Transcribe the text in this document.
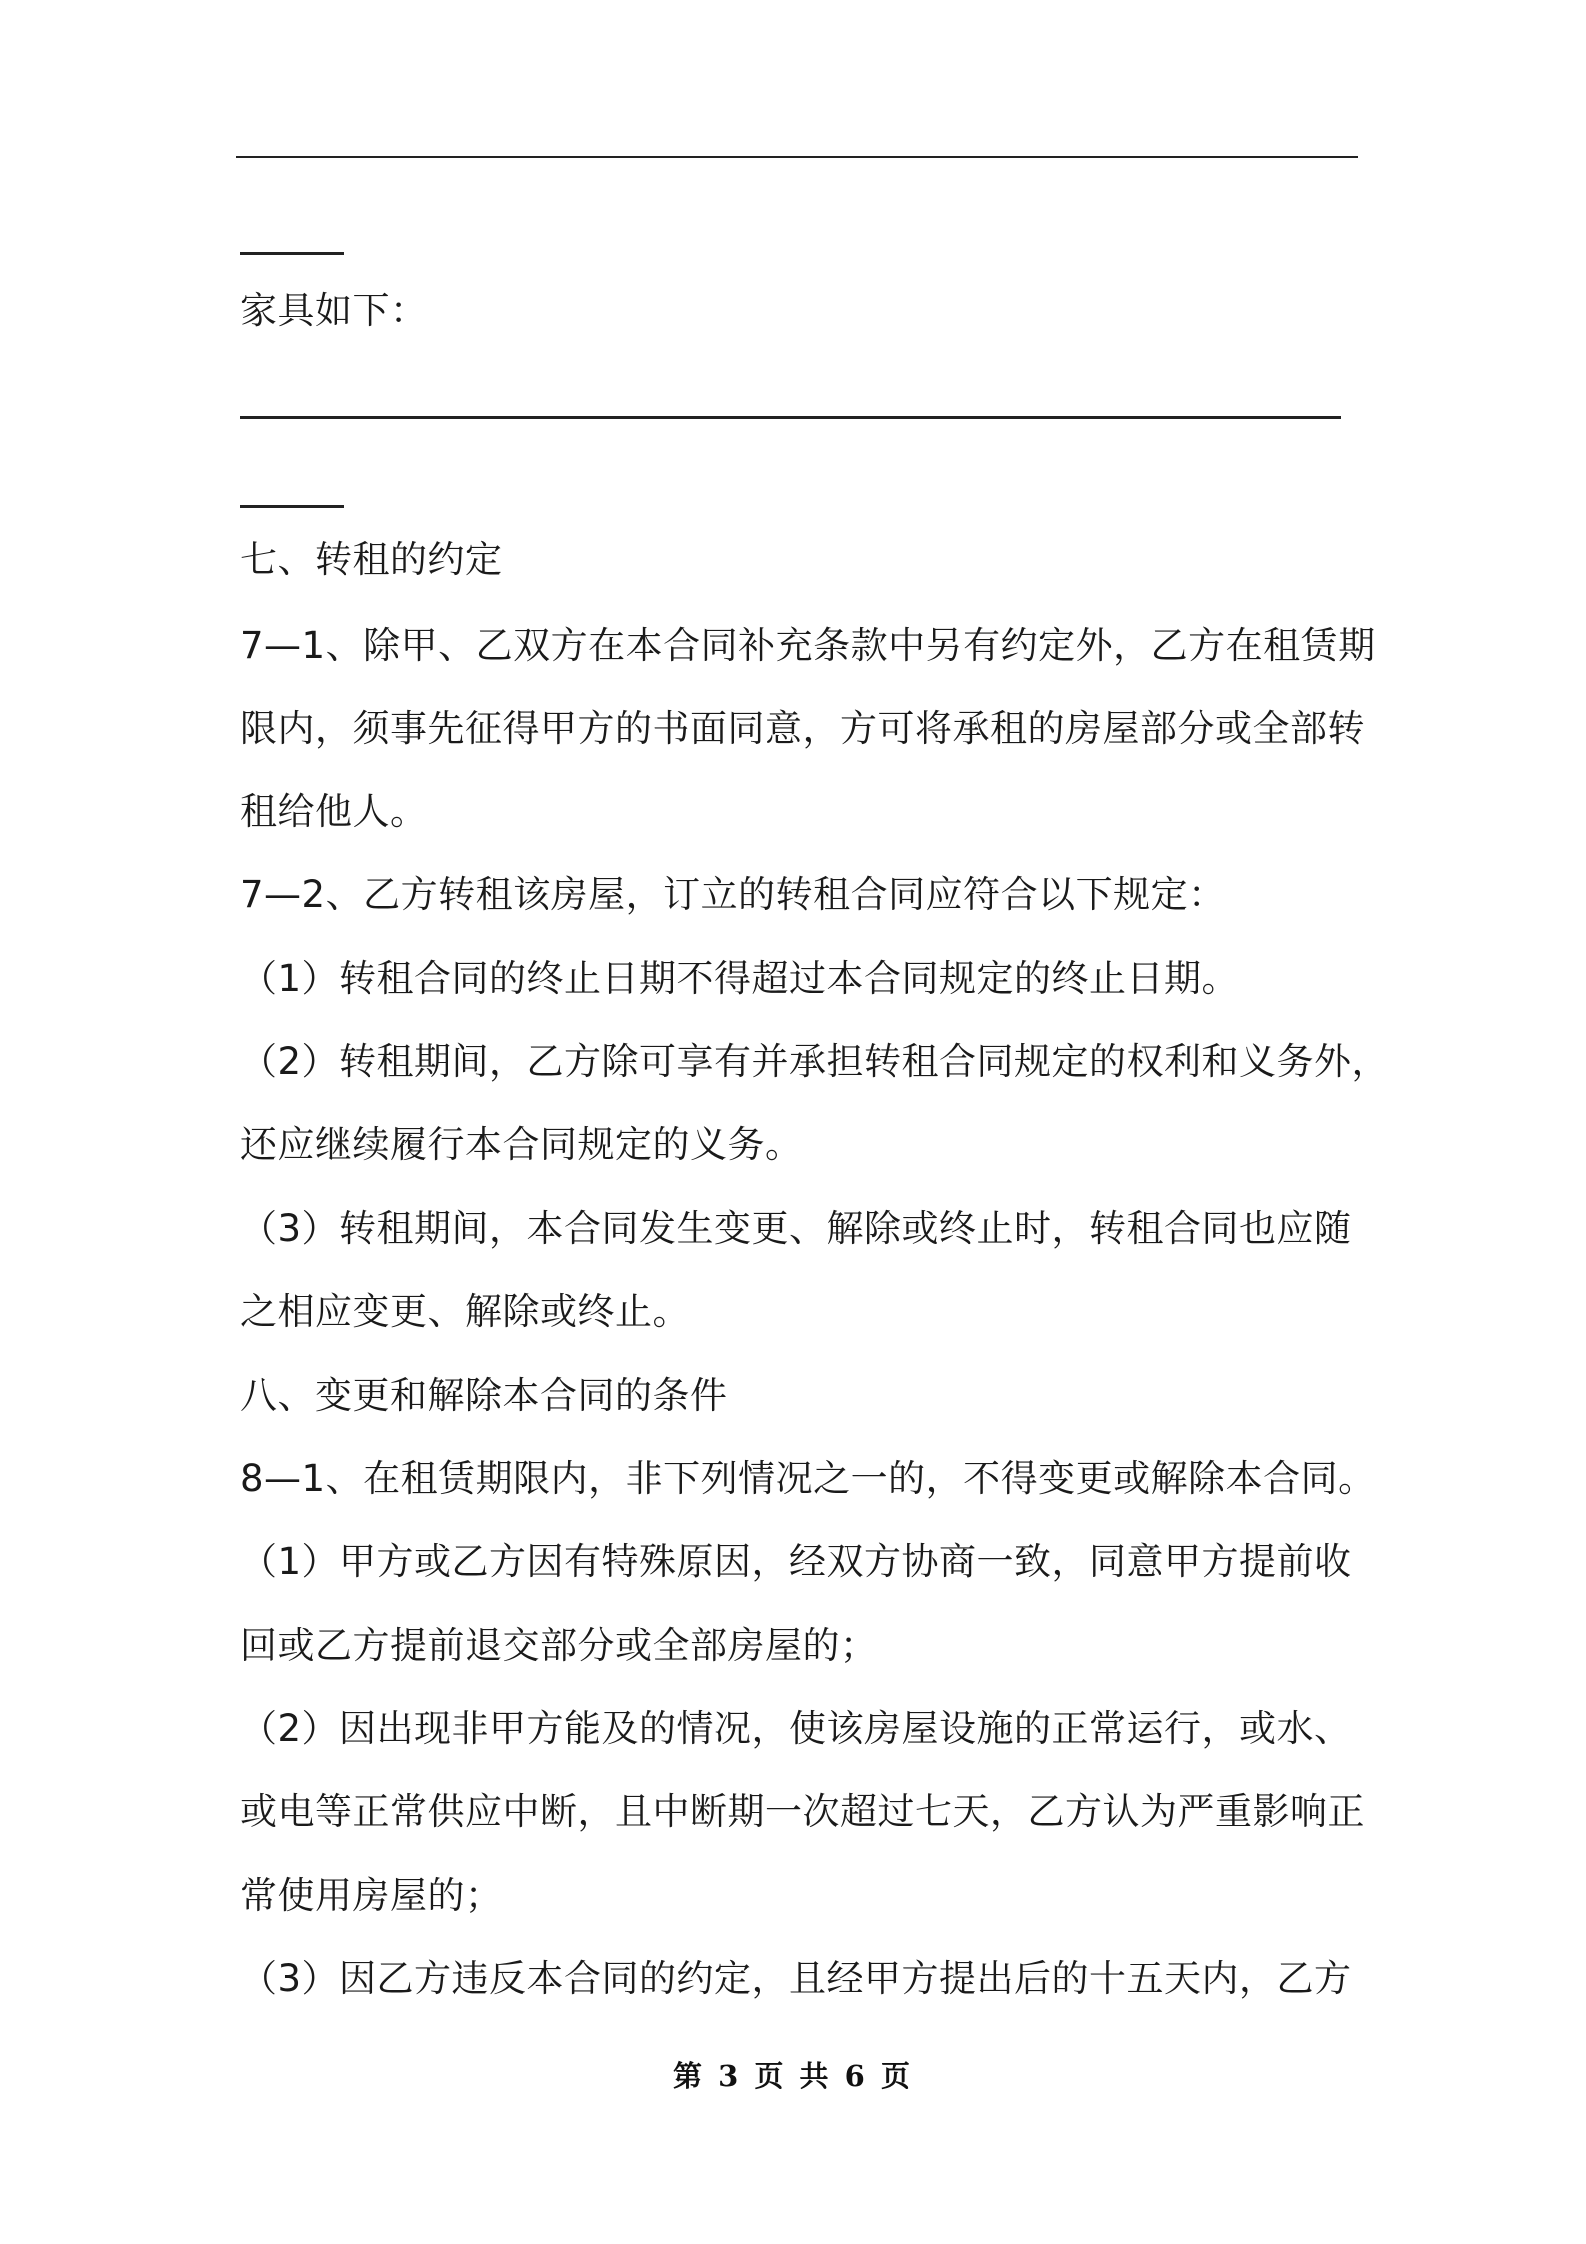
家具如下：
七、转租的约定
7—1、除甲、乙双方在本合同补充条款中另有约定外，乙方在租赁期
限内，须事先征得甲方的书面同意，方可将承租的房屋部分或全部转
租给他人。
7—2、乙方转租该房屋，订立的转租合同应符合以下规定：
（1）转租合同的终止日期不得超过本合同规定的终止日期。
（2）转租期间，乙方除可享有并承担转租合同规定的权利和义务外，
还应继续履行本合同规定的义务。
（3）转租期间，本合同发生变更、解除或终止时，转租合同也应随
之相应变更、解除或终止。
八、变更和解除本合同的条件
8—1、在租赁期限内，非下列情况之一的，不得变更或解除本合同。
（1）甲方或乙方因有特殊原因，经双方协商一致，同意甲方提前收
回或乙方提前退交部分或全部房屋的；
（2）因出现非甲方能及的情况，使该房屋设施的正常运行，或水、
或电等正常供应中断，且中断期一次超过七天，乙方认为严重影响正
常使用房屋的；
（3）因乙方违反本合同的约定，且经甲方提出后的十五天内，乙方
第 3 页 共 6 页
